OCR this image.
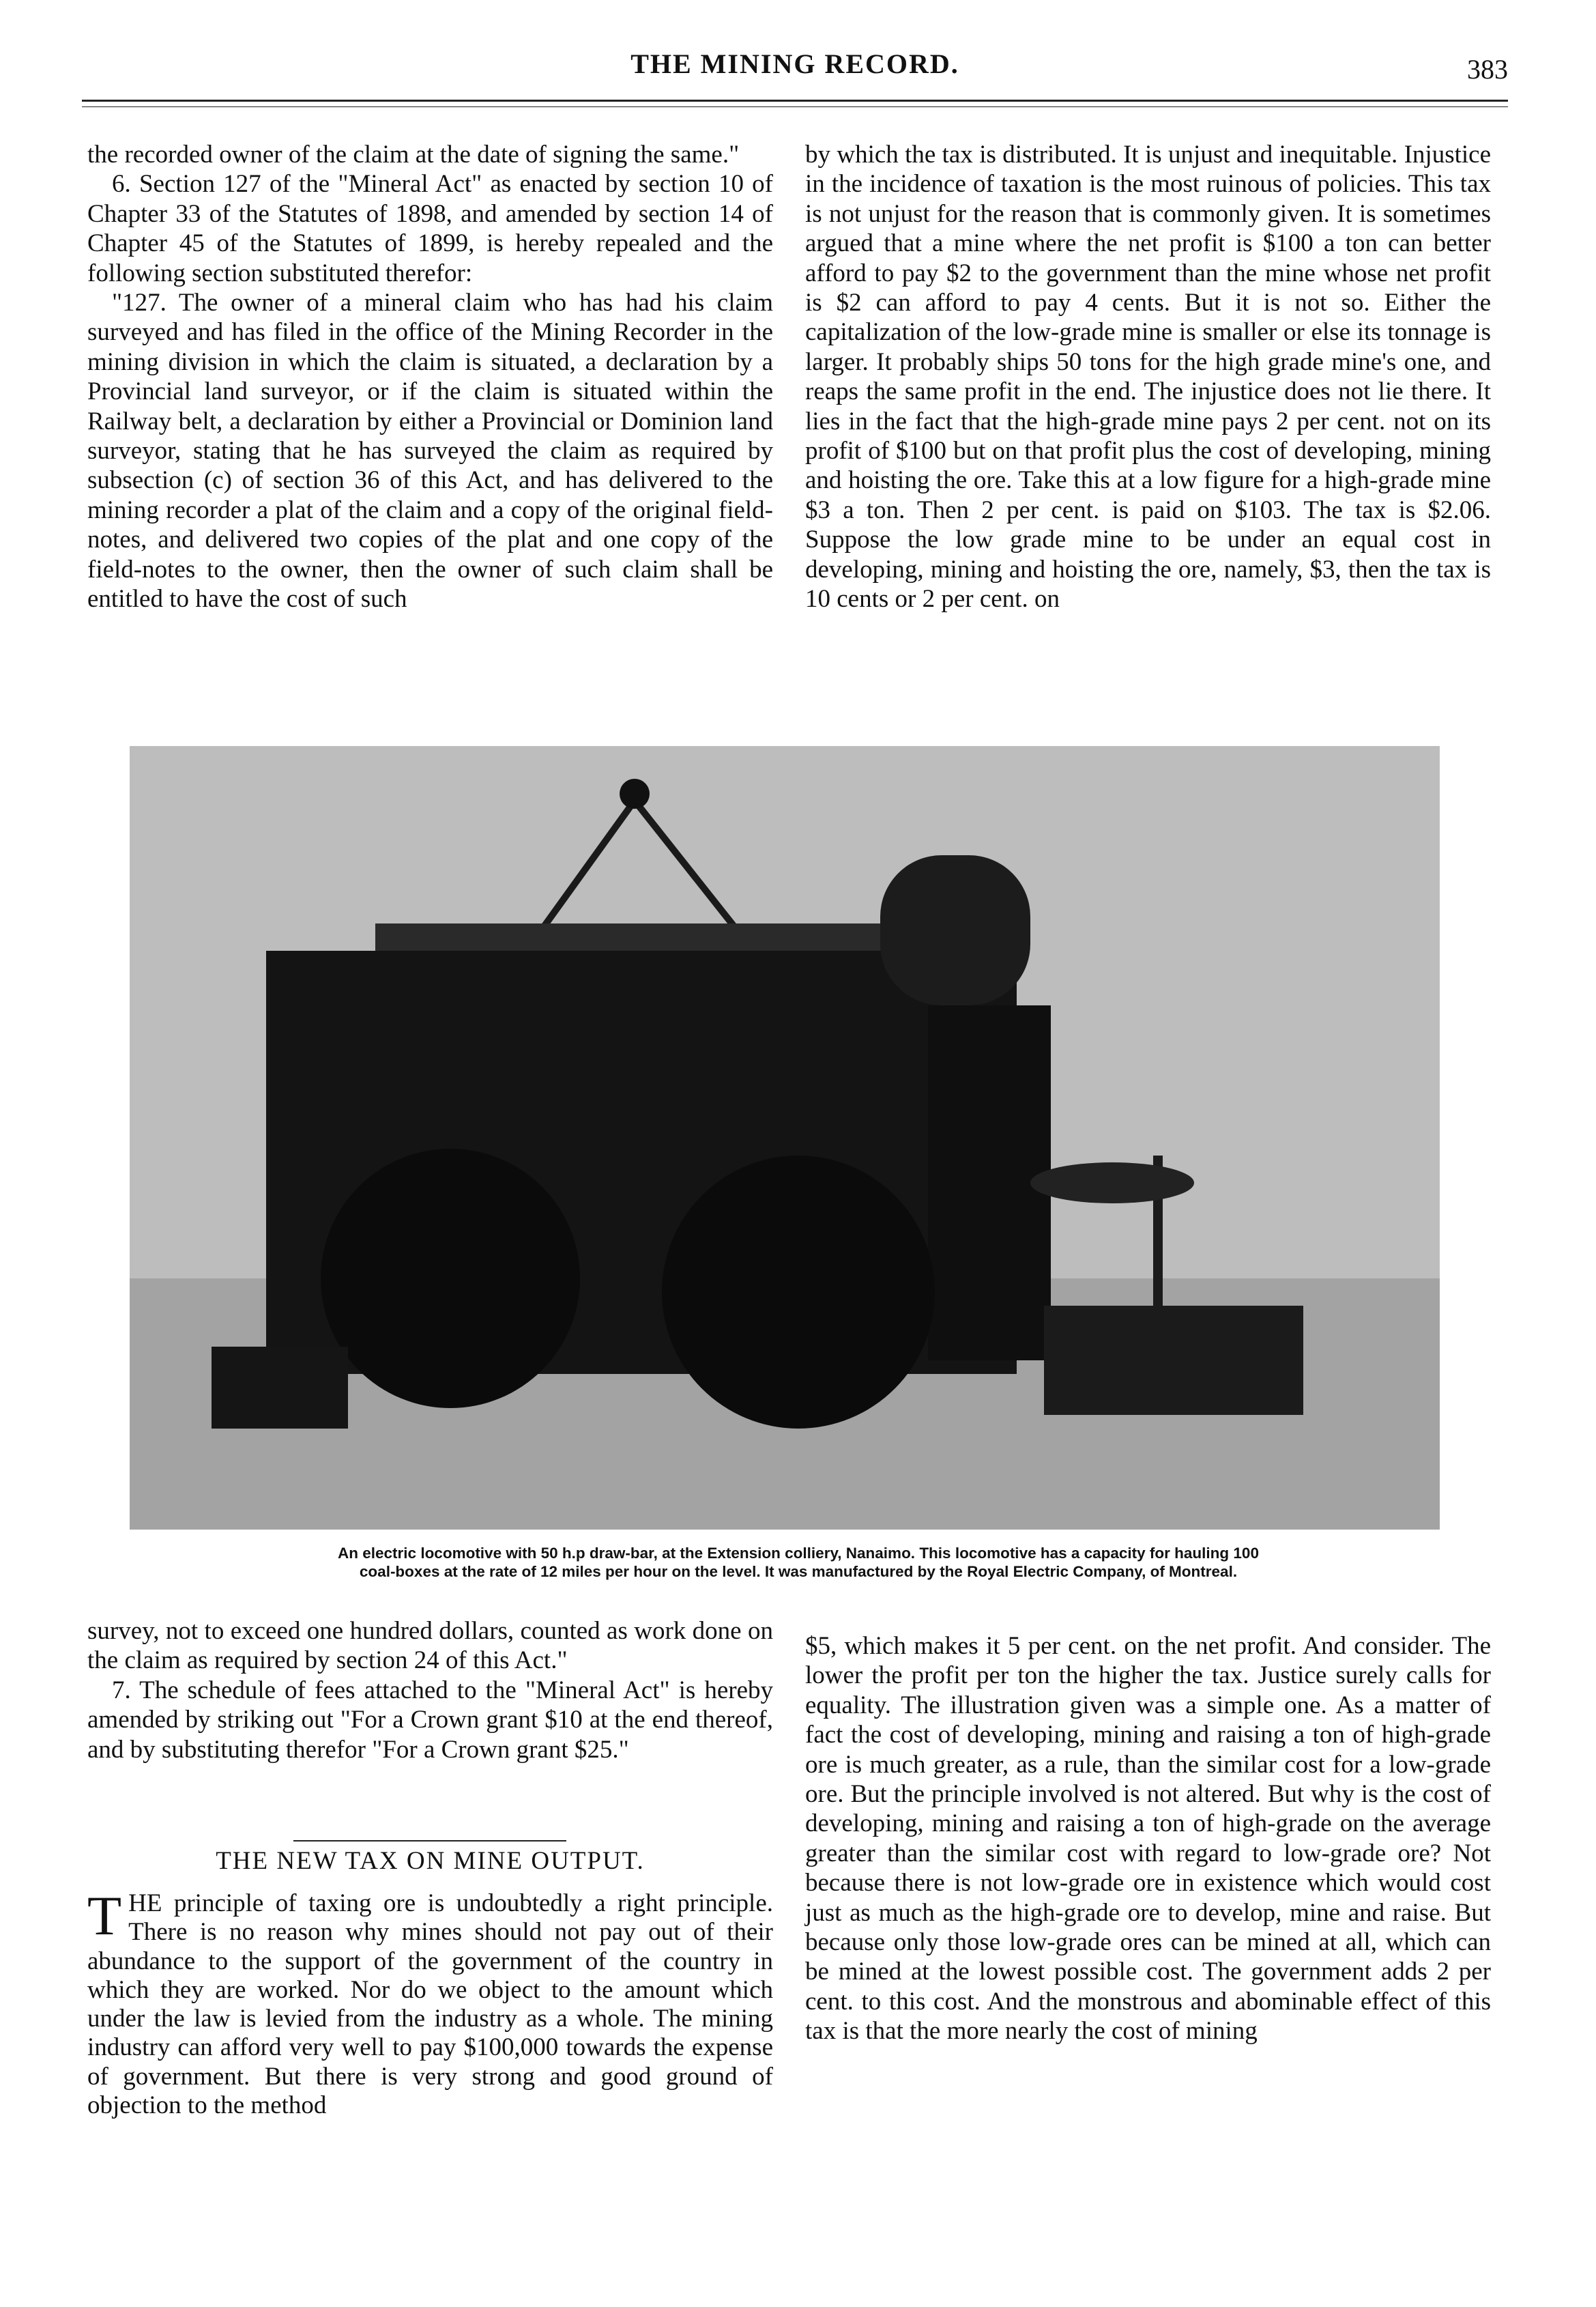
THE MINING RECORD.	383

the recorded owner of the claim at the date of signing the same."

6. Section 127 of the "Mineral Act" as enacted by section 10 of Chapter 33 of the Statutes of 1898, and amended by section 14 of Chapter 45 of the Statutes of 1899, is hereby repealed and the following section substituted therefor:

"127. The owner of a mineral claim who has had his claim surveyed and has filed in the office of the Mining Recorder in the mining division in which the claim is situated, a declaration by a Provincial land surveyor, or if the claim is situated within the Railway belt, a declaration by either a Provincial or Dominion land surveyor, stating that he has surveyed the claim as required by subsection (c) of section 36 of this Act, and has delivered to the mining recorder a plat of the claim and a copy of the original field-notes, and delivered two copies of the plat and one copy of the field-notes to the owner, then the owner of such claim shall be entitled to have the cost of such

by which the tax is distributed. It is unjust and inequitable. Injustice in the incidence of taxation is the most ruinous of policies. This tax is not unjust for the reason that is commonly given. It is sometimes argued that a mine where the net profit is $100 a ton can better afford to pay $2 to the government than the mine whose net profit is $2 can afford to pay 4 cents. But it is not so. Either the capitalization of the low-grade mine is smaller or else its tonnage is larger. It probably ships 50 tons for the high grade mine's one, and reaps the same profit in the end. The injustice does not lie there. It lies in the fact that the high-grade mine pays 2 per cent. not on its profit of $100 but on that profit plus the cost of developing, mining and hoisting the ore. Take this at a low figure for a high-grade mine $3 a ton. Then 2 per cent. is paid on $103. The tax is $2.06. Suppose the low grade mine to be under an equal cost in developing, mining and hoisting the ore, namely, $3, then the tax is 10 cents or 2 per cent. on

An electric locomotive with 50 h.p draw-bar, at the Extension colliery, Nanaimo. This locomotive has a capacity for hauling 100
coal-boxes at the rate of 12 miles per hour on the level. It was manufactured by the Royal Electric Company, of Montreal.

survey, not to exceed one hundred dollars, counted as work done on the claim as required by section 24 of this Act."

7. The schedule of fees attached to the "Mineral Act" is hereby amended by striking out "For a Crown grant $10 at the end thereof, and by substituting therefor "For a Crown grant $25."

THE NEW TAX ON MINE OUTPUT.

THE principle of taxing ore is undoubtedly a right principle. There is no reason why mines should not pay out of their abundance to the support of the government of the country in which they are worked. Nor do we object to the amount which under the law is levied from the industry as a whole. The mining industry can afford very well to pay $100,000 towards the expense of government. But there is very strong and good ground of objection to the method

$5, which makes it 5 per cent. on the net profit. And consider. The lower the profit per ton the higher the tax. Justice surely calls for equality. The illustration given was a simple one. As a matter of fact the cost of developing, mining and raising a ton of high-grade ore is much greater, as a rule, than the similar cost for a low-grade ore. But the principle involved is not altered. But why is the cost of developing, mining and raising a ton of high-grade on the average greater than the similar cost with regard to low-grade ore? Not because there is not low-grade ore in existence which would cost just as much as the high-grade ore to develop, mine and raise. But because only those low-grade ores can be mined at all, which can be mined at the lowest possible cost. The government adds 2 per cent. to this cost. And the monstrous and abominable effect of this tax is that the more nearly the cost of mining
